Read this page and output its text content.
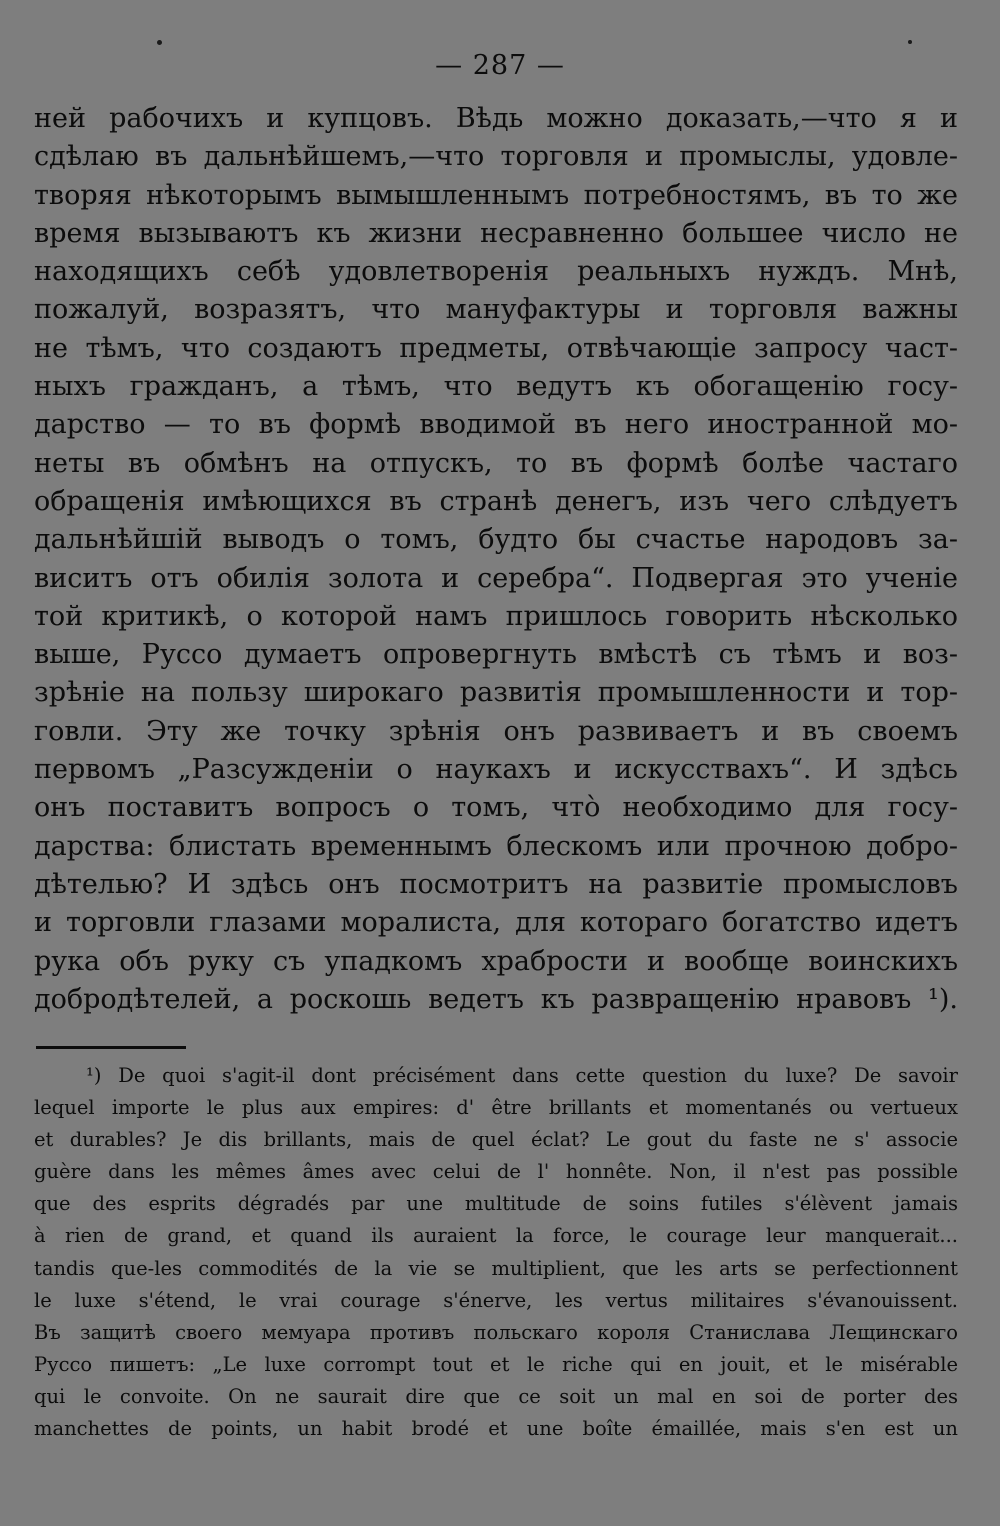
— 287 —
ней рабочихъ и купцовъ. Вѣдь можно доказать,—что я и
сдѣлаю въ дальнѣйшемъ,—что торговля и промыслы, удовле-
творяя нѣкоторымъ вымышленнымъ потребностямъ, въ то же
время вызываютъ къ жизни несравненно большее число не
находящихъ себѣ удовлетворенія реальныхъ нуждъ. Мнѣ,
пожалуй, возразятъ, что мануфактуры и торговля важны
не тѣмъ, что создаютъ предметы, отвѣчающіе запросу част-
ныхъ гражданъ, а тѣмъ, что ведутъ къ обогащенію госу-
дарство — то въ формѣ вводимой въ него иностранной мо-
неты въ обмѣнъ на отпускъ, то въ формѣ болѣе частаго
обращенія имѣющихся въ странѣ денегъ, изъ чего слѣдуетъ
дальнѣйшій выводъ о томъ, будто бы счастье народовъ за-
виситъ отъ обилія золота и серебра“. Подвергая это ученіе
той критикѣ, о которой намъ пришлось говорить нѣсколько
выше, Руссо думаетъ опровергнуть вмѣстѣ съ тѣмъ и воз-
зрѣніе на пользу широкаго развитія промышленности и тор-
говли. Эту же точку зрѣнія онъ развиваетъ и въ своемъ
первомъ „Разсужденіи о наукахъ и искусствахъ“. И здѣсь
онъ поставитъ вопросъ о томъ, что̀ необходимо для госу-
дарства: блистать временнымъ блескомъ или прочною добро-
дѣтелью? И здѣсь онъ посмотритъ на развитіе промысловъ
и торговли глазами моралиста, для котораго богатство идетъ
рука объ руку съ упадкомъ храбрости и вообще воинскихъ
добродѣтелей, а роскошь ведетъ къ развращенію нравовъ ¹).
¹) De quoi s'agit-il dont précisément dans cette question du luxe? De savoir
lequel importe le plus aux empires: d' être brillants et momentanés ou vertueux
et durables? Je dis brillants, mais de quel éclat? Le gout du faste ne s' associe
guère dans les mêmes âmes avec celui de l' honnête. Non, il n'est pas possible
que des esprits dégradés par une multitude de soins futiles s'élèvent jamais
à rien de grand, et quand ils auraient la force, le courage leur manquerait...
tandis que-les commodités de la vie se multiplient, que les arts se perfectionnent
le luxe s'étend, le vrai courage s'énerve, les vertus militaires s'évanouissent.
Въ защитѣ своего мемуара противъ польскаго короля Станислава Лещинскаго
Руссо пишетъ: „Le luxe corrompt tout et le riche qui en jouit, et le misérable
qui le convoite. On ne saurait dire que ce soit un mal en soi de porter des
manchettes de points, un habit brodé et une boîte émaillée, mais s'en est un
